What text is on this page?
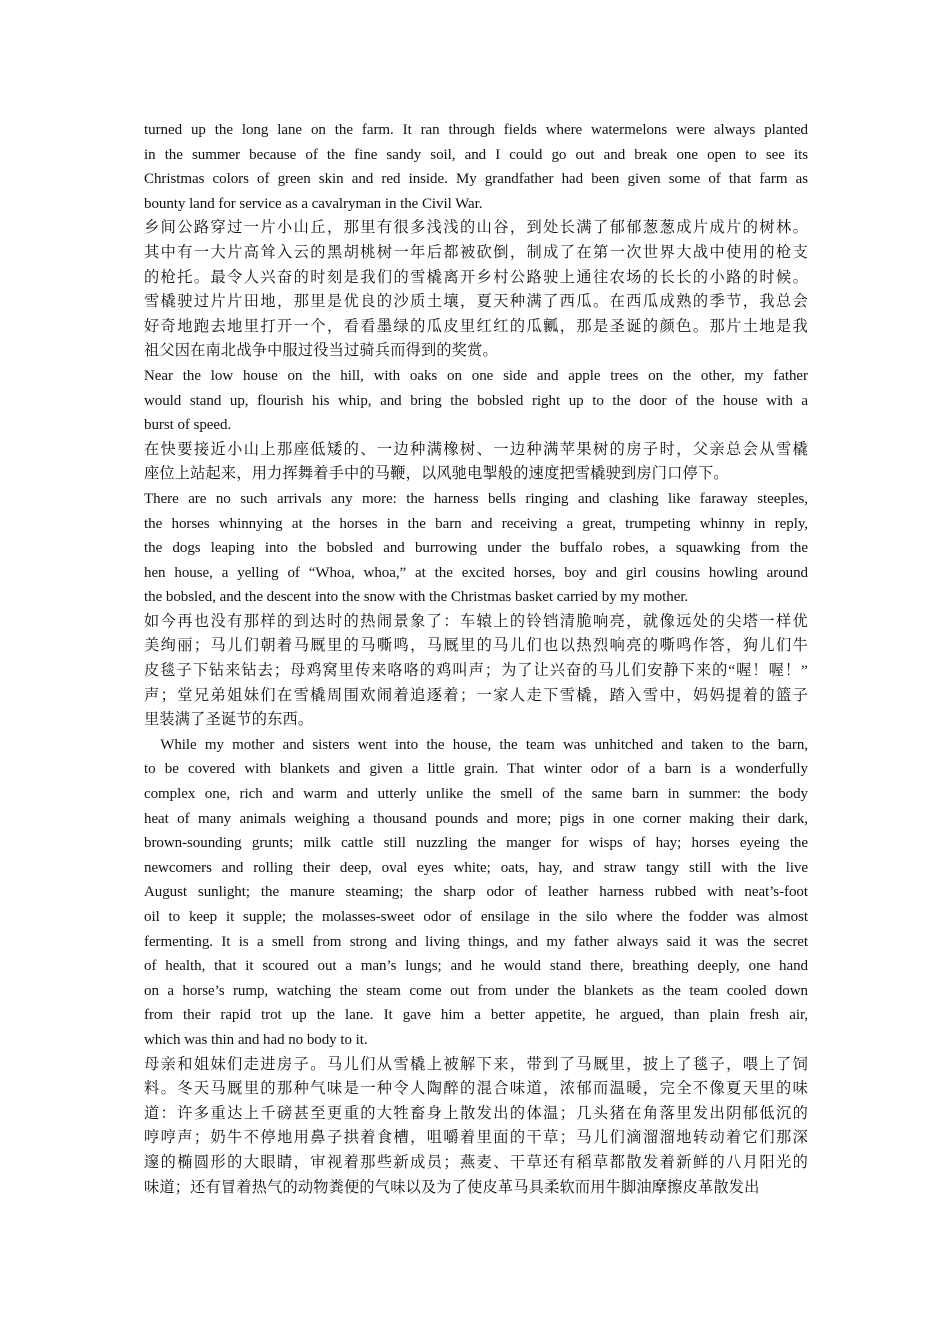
turned up the long lane on the farm. It ran through fields where watermelons were always planted
in the summer because of the fine sandy soil, and I could go out and break one open to see its
Christmas colors of green skin and red inside. My grandfather had been given some of that farm as
bounty land for service as a cavalryman in the Civil War.
乡间公路穿过一片小山丘，那里有很多浅浅的山谷，到处长满了郁郁葱葱成片成片的树林。
其中有一大片高耸入云的黑胡桃树一年后都被砍倒，制成了在第一次世界大战中使用的枪支
的枪托。最令人兴奋的时刻是我们的雪橇离开乡村公路驶上通往农场的长长的小路的时候。
雪橇驶过片片田地，那里是优良的沙质土壤，夏天种满了西瓜。在西瓜成熟的季节，我总会
好奇地跑去地里打开一个，看看墨绿的瓜皮里红红的瓜瓤，那是圣诞的颜色。那片土地是我
祖父因在南北战争中服过役当过骑兵而得到的奖赏。
Near the low house on the hill, with oaks on one side and apple trees on the other, my father
would stand up, flourish his whip, and bring the bobsled right up to the door of the house with a
burst of speed.
在快要接近小山上那座低矮的、一边种满橡树、一边种满苹果树的房子时，父亲总会从雪橇
座位上站起来，用力挥舞着手中的马鞭，以风驰电掣般的速度把雪橇驶到房门口停下。
There are no such arrivals any more: the harness bells ringing and clashing like faraway steeples,
the horses whinnying at the horses in the barn and receiving a great, trumpeting whinny in reply,
the dogs leaping into the bobsled and burrowing under the buffalo robes, a squawking from the
hen house, a yelling of “Whoa, whoa,” at the excited horses, boy and girl cousins howling around
the bobsled, and the descent into the snow with the Christmas basket carried by my mother.
如今再也没有那样的到达时的热闹景象了：车辕上的铃铛清脆响亮，就像远处的尖塔一样优
美绚丽；马儿们朝着马厩里的马嘶鸣，马厩里的马儿们也以热烈响亮的嘶鸣作答，狗儿们牛
皮毯子下钻来钻去；母鸡窝里传来咯咯的鸡叫声；为了让兴奋的马儿们安静下来的“喔！喔！”
声；堂兄弟姐妹们在雪橇周围欢闹着追逐着；一家人走下雪橇，踏入雪中，妈妈提着的篮子
里装满了圣诞节的东西。
While my mother and sisters went into the house, the team was unhitched and taken to the barn,
to be covered with blankets and given a little grain. That winter odor of a barn is a wonderfully
complex one, rich and warm and utterly unlike the smell of the same barn in summer: the body
heat of many animals weighing a thousand pounds and more; pigs in one corner making their dark,
brown-sounding grunts; milk cattle still nuzzling the manger for wisps of hay; horses eyeing the
newcomers and rolling their deep, oval eyes white; oats, hay, and straw tangy still with the live
August sunlight; the manure steaming; the sharp odor of leather harness rubbed with neat’s-foot
oil to keep it supple; the molasses-sweet odor of ensilage in the silo where the fodder was almost
fermenting. It is a smell from strong and living things, and my father always said it was the secret
of health, that it scoured out a man’s lungs; and he would stand there, breathing deeply, one hand
on a horse’s rump, watching the steam come out from under the blankets as the team cooled down
from their rapid trot up the lane. It gave him a better appetite, he argued, than plain fresh air,
which was thin and had no body to it.
母亲和姐妹们走进房子。马儿们从雪橇上被解下来，带到了马厩里，披上了毯子，喂上了饲
料。冬天马厩里的那种气味是一种令人陶醉的混合味道，浓郁而温暖，完全不像夏天里的味
道：许多重达上千磅甚至更重的大牲畜身上散发出的体温；几头猪在角落里发出阴郁低沉的
哼哼声；奶牛不停地用鼻子拱着食槽，咀嚼着里面的干草；马儿们滴溜溜地转动着它们那深
邃的椭圆形的大眼睛，审视着那些新成员；燕麦、干草还有稻草都散发着新鲜的八月阳光的
味道；还有冒着热气的动物粪便的气味以及为了使皮革马具柔软而用牛脚油摩擦皮革散发出
